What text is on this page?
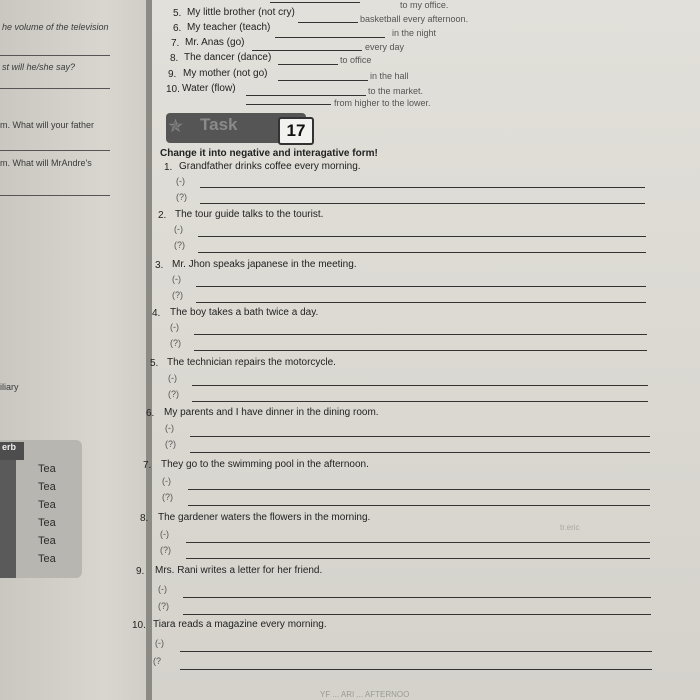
he volume of the television
st will he/she say?
m. What will your father
m. What will MrAndre's
iliary
erb
Tea
Tea
Tea
Tea
Tea
Tea
to my office.
5. My little brother (not cry)
basketball every afternoon.
6. My teacher (teach)	in the night
7. Mr. Anas (go)	every day
8. The dancer (dance)	to office
9. My mother (not go)	in the hall
10. Water (flow)	to the market.
from higher to the lower.
✯ Task	17
Change it into negative and interagative form!
1. Grandfather drinks coffee every morning.
(-)
(?)
2. The tour guide talks to the tourist.
(-)
(?)
3. Mr. Jhon speaks japanese in the meeting.
(-)
(?)
4. The boy takes a bath twice a day.
(-)
(?)
5. The technician repairs the motorcycle.
(-)
(?)
6. My parents and I have dinner in the dining room.
(-)
(?)
7. They go to the swimming pool in the afternoon.
(-)
(?)
8. The gardener waters the flowers in the morning.
(-)
(?)
tr.eric
9. Mrs. Rani writes a letter for her friend.
(-)
(?)
10. Tiara reads a magazine every morning.
(-)
(?
YF ... ARI ... AFTERNOO
